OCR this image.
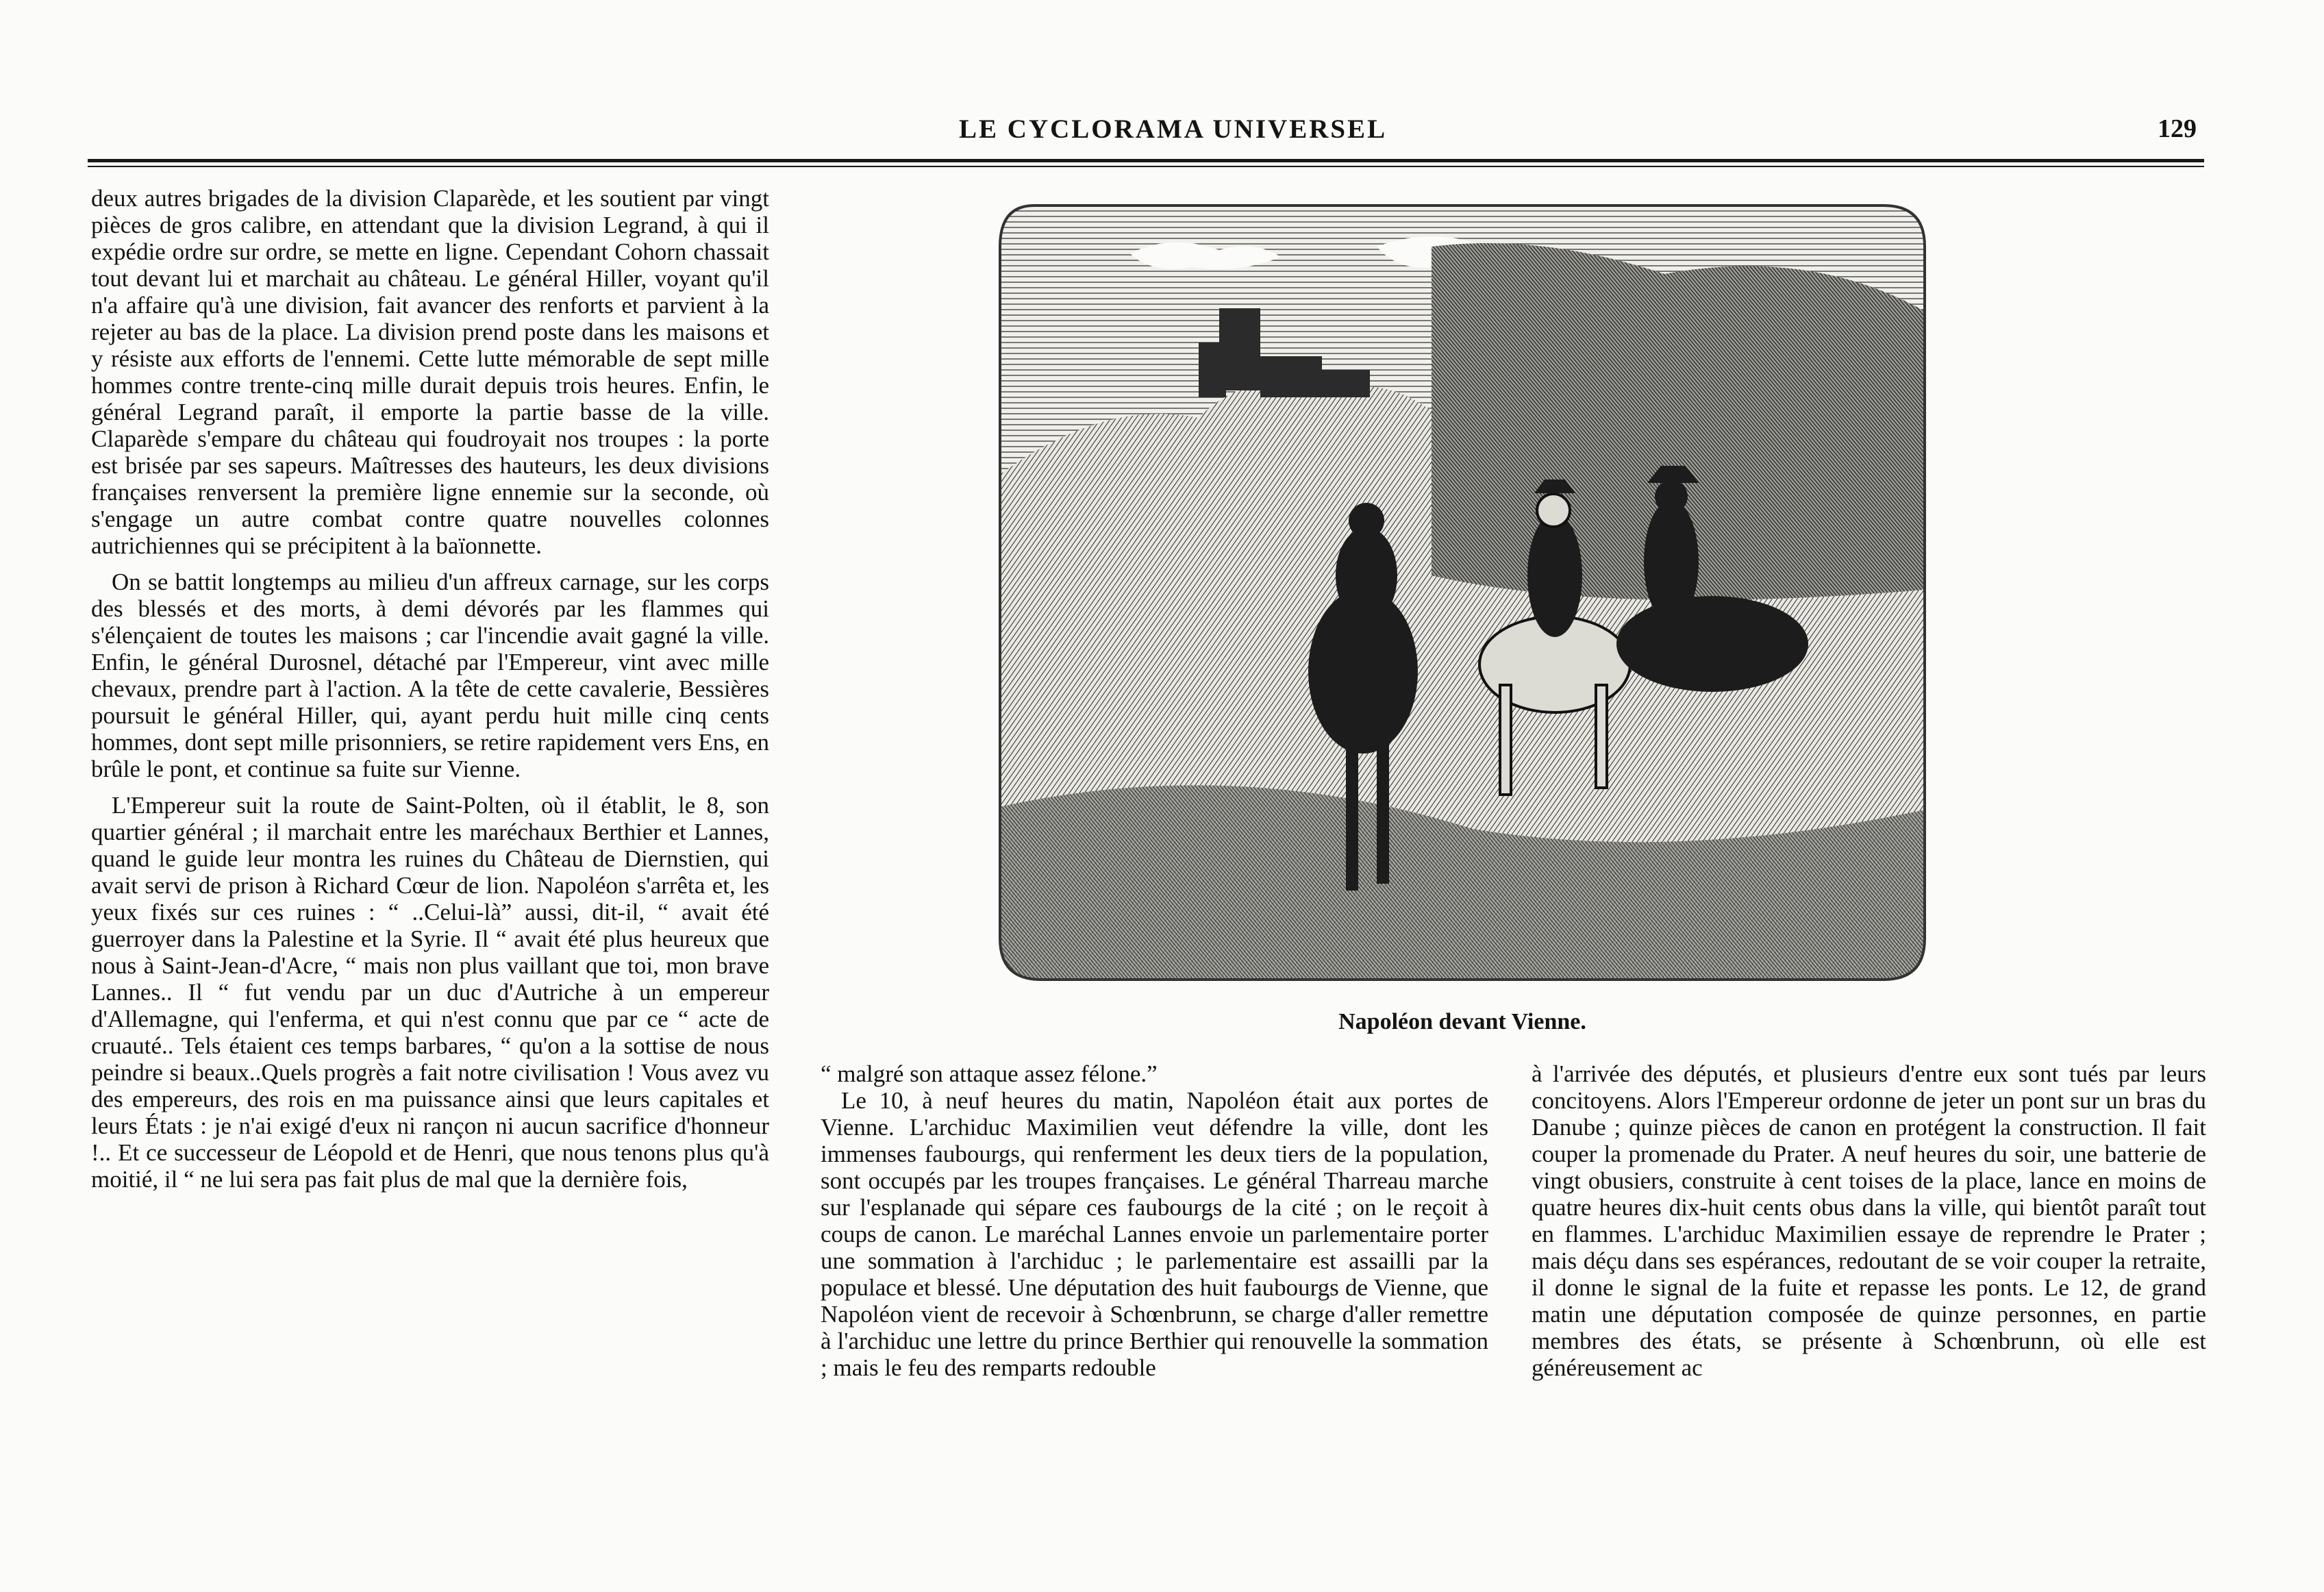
LE CYCLORAMA UNIVERSEL	129

deux autres brigades de la division Claparède, et les soutient par vingt pièces de gros calibre, en attendant que la division Legrand, à qui il expédie ordre sur ordre, se mette en ligne. Cependant Cohorn chassait tout devant lui et marchait au château. Le général Hiller, voyant qu'il n'a affaire qu'à une division, fait avancer des renforts et parvient à la rejeter au bas de la place. La division prend poste dans les maisons et y résiste aux efforts de l'ennemi. Cette lutte mémorable de sept mille hommes contre trente-cinq mille durait depuis trois heures. Enfin, le général Legrand paraît, il emporte la partie basse de la ville. Claparède s'empare du château qui foudroyait nos troupes : la porte est brisée par ses sapeurs. Maîtresses des hauteurs, les deux divisions françaises renversent la première ligne ennemie sur la seconde, où s'engage un autre combat contre quatre nouvelles colonnes autrichiennes qui se précipitent à la baïonnette.

On se battit longtemps au milieu d'un affreux carnage, sur les corps des blessés et des morts, à demi dévorés par les flammes qui s'élençaient de toutes les maisons ; car l'incendie avait gagné la ville. Enfin, le général Durosnel, détaché par l'Empereur, vint avec mille chevaux, prendre part à l'action. A la tête de cette cavalerie, Bessières poursuit le général Hiller, qui, ayant perdu huit mille cinq cents hommes, dont sept mille prisonniers, se retire rapidement vers Ens, en brûle le pont, et continue sa fuite sur Vienne.

L'Empereur suit la route de Saint-Polten, où il établit, le 8, son quartier général ; il marchait entre les maréchaux Berthier et Lannes, quand le guide leur montra les ruines du Château de Diernstien, qui avait servi de prison à Richard Cœur de lion. Napoléon s'arrêta et, les yeux fixés sur ces ruines : “ ..Celui-là” aussi, dit-il, “ avait été guerroyer dans la Palestine et la Syrie. Il “ avait été plus heureux que nous à Saint-Jean-d'Acre, “ mais non plus vaillant que toi, mon brave Lannes.. Il “ fut vendu par un duc d'Autriche à un empereur d'Allemagne, qui l'enferma, et qui n'est connu que par ce “ acte de cruauté.. Tels étaient ces temps barbares, “ qu'on a la sottise de nous peindre si beaux..Quels progrès a fait notre civilisation ! Vous avez vu des empereurs, des rois en ma puissance ainsi que leurs capitales et leurs États : je n'ai exigé d'eux ni rançon ni aucun sacrifice d'honneur !.. Et ce successeur de Léopold et de Henri, que nous tenons plus qu'à moitié, il “ ne lui sera pas fait plus de mal que la dernière fois,

Napoléon devant Vienne.

“ malgré son attaque assez félone.”

Le 10, à neuf heures du matin, Napoléon était aux portes de Vienne. L'archiduc Maximilien veut défendre la ville, dont les immenses faubourgs, qui renferment les deux tiers de la population, sont occupés par les troupes françaises. Le général Tharreau marche sur l'esplanade qui sépare ces faubourgs de la cité ; on le reçoit à coups de canon. Le maréchal Lannes envoie un parlementaire porter une sommation à l'archiduc ; le parlementaire est assailli par la populace et blessé. Une députation des huit faubourgs de Vienne, que Napoléon vient de recevoir à Schœnbrunn, se charge d'aller remettre à l'archiduc une lettre du prince Berthier qui renouvelle la sommation ; mais le feu des remparts redouble

à l'arrivée des députés, et plusieurs d'entre eux sont tués par leurs concitoyens. Alors l'Empereur ordonne de jeter un pont sur un bras du Danube ; quinze pièces de canon en protégent la construction. Il fait couper la promenade du Prater. A neuf heures du soir, une batterie de vingt obusiers, construite à cent toises de la place, lance en moins de quatre heures dix-huit cents obus dans la ville, qui bientôt paraît tout en flammes. L'archiduc Maximilien essaye de reprendre le Prater ; mais déçu dans ses espérances, redoutant de se voir couper la retraite, il donne le signal de la fuite et repasse les ponts. Le 12, de grand matin une députation composée de quinze personnes, en partie membres des états, se présente à Schœnbrunn, où elle est généreusement ac
